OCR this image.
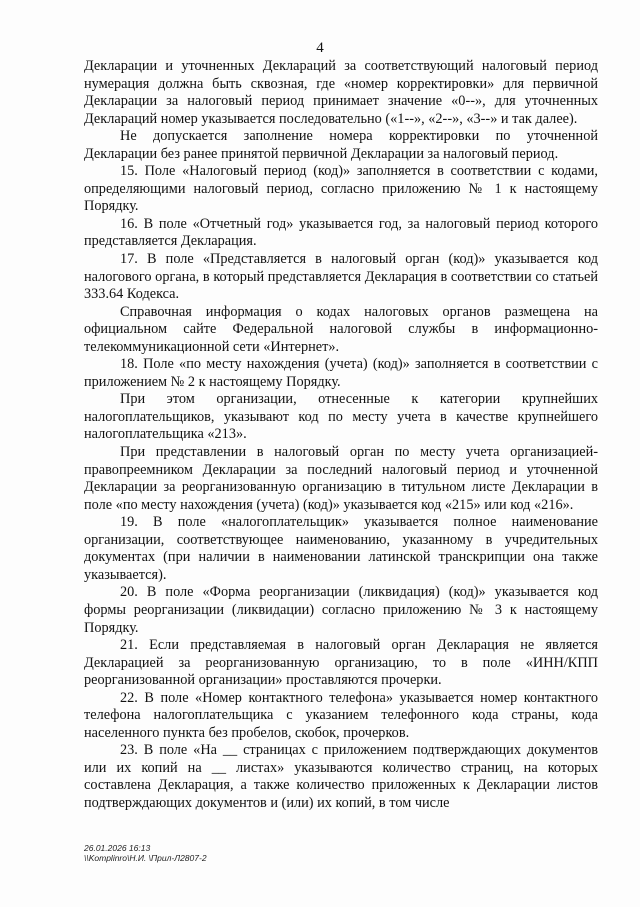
4

Декларации и уточненных Деклараций за соответствующий налоговый период нумерация должна быть сквозная, где «номер корректировки» для первичной Декларации за налоговый период принимает значение «0--», для уточненных Деклараций номер указывается последовательно («1--», «2--», «3--» и так далее).

Не допускается заполнение номера корректировки по уточненной Декларации без ранее принятой первичной Декларации за налоговый период.

15. Поле «Налоговый период (код)» заполняется в соответствии с кодами, определяющими налоговый период, согласно приложению № 1 к настоящему Порядку.

16. В поле «Отчетный год» указывается год, за налоговый период которого представляется Декларация.

17. В поле «Представляется в налоговый орган (код)» указывается код налогового органа, в который представляется Декларация в соответствии со статьей 333.64 Кодекса.

Справочная информация о кодах налоговых органов размещена на официальном сайте Федеральной налоговой службы в информационно-телекоммуникационной сети «Интернет».

18. Поле «по месту нахождения (учета) (код)» заполняется в соответствии с приложением № 2 к настоящему Порядку.

При этом организации, отнесенные к категории крупнейших налогоплательщиков, указывают код по месту учета в качестве крупнейшего налогоплательщика «213».

При представлении в налоговый орган по месту учета организацией-правопреемником Декларации за последний налоговый период и уточненной Декларации за реорганизованную организацию в титульном листе Декларации в поле «по месту нахождения (учета) (код)» указывается код «215» или код «216».

19. В поле «налогоплательщик» указывается полное наименование организации, соответствующее наименованию, указанному в учредительных документах (при наличии в наименовании латинской транскрипции она также указывается).

20. В поле «Форма реорганизации (ликвидация) (код)» указывается код формы реорганизации (ликвидации) согласно приложению № 3 к настоящему Порядку.

21. Если представляемая в налоговый орган Декларация не является Декларацией за реорганизованную организацию, то в поле «ИНН/КПП реорганизованной организации» проставляются прочерки.

22. В поле «Номер контактного телефона» указывается номер контактного телефона налогоплательщика с указанием телефонного кода страны, кода населенного пункта без пробелов, скобок, прочерков.

23. В поле «На __ страницах с приложением подтверждающих документов или их копий на __ листах» указываются количество страниц, на которых составлена Декларация, а также количество приложенных к Декларации листов подтверждающих документов и (или) их копий, в том числе

26.01.2026 16:13
\\Komplinro\Н.И. \Прил-Л2807-2
